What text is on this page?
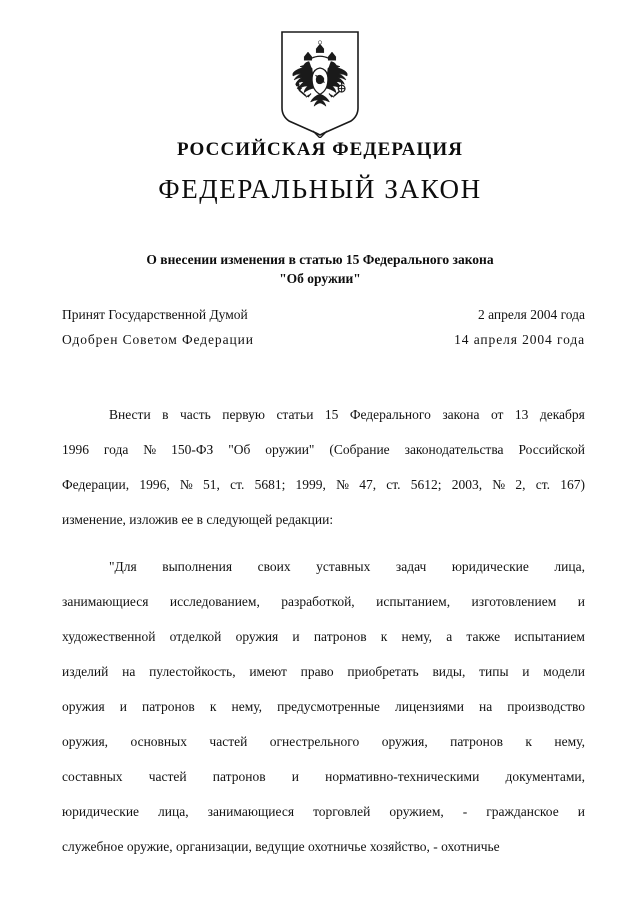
РОССИЙСКАЯ ФЕДЕРАЦИЯ
ФЕДЕРАЛЬНЫЙ ЗАКОН
О внесении изменения в статью 15 Федерального закона
"Об оружии"
Принят Государственной Думой	2 апреля 2004 года
Одобрен Советом Федерации	14 апреля 2004 года

Внести в часть первую статьи 15 Федерального закона от 13 декабря
1996 года № 150-ФЗ "Об оружии" (Собрание законодательства Российской
Федерации, 1996, № 51, ст. 5681; 1999, № 47, ст. 5612; 2003, № 2, ст. 167)
изменение, изложив ее в следующей редакции:

"Для выполнения своих уставных задач юридические лица,
занимающиеся исследованием, разработкой, испытанием, изготовлением и
художественной отделкой оружия и патронов к нему, а также испытанием
изделий на пулестойкость, имеют право приобретать виды, типы и модели
оружия и патронов к нему, предусмотренные лицензиями на производство
оружия, основных частей огнестрельного оружия, патронов к нему,
составных частей патронов и нормативно-техническими документами,
юридические лица, занимающиеся торговлей оружием, - гражданское и
служебное оружие, организации, ведущие охотничье хозяйство, - охотничье
